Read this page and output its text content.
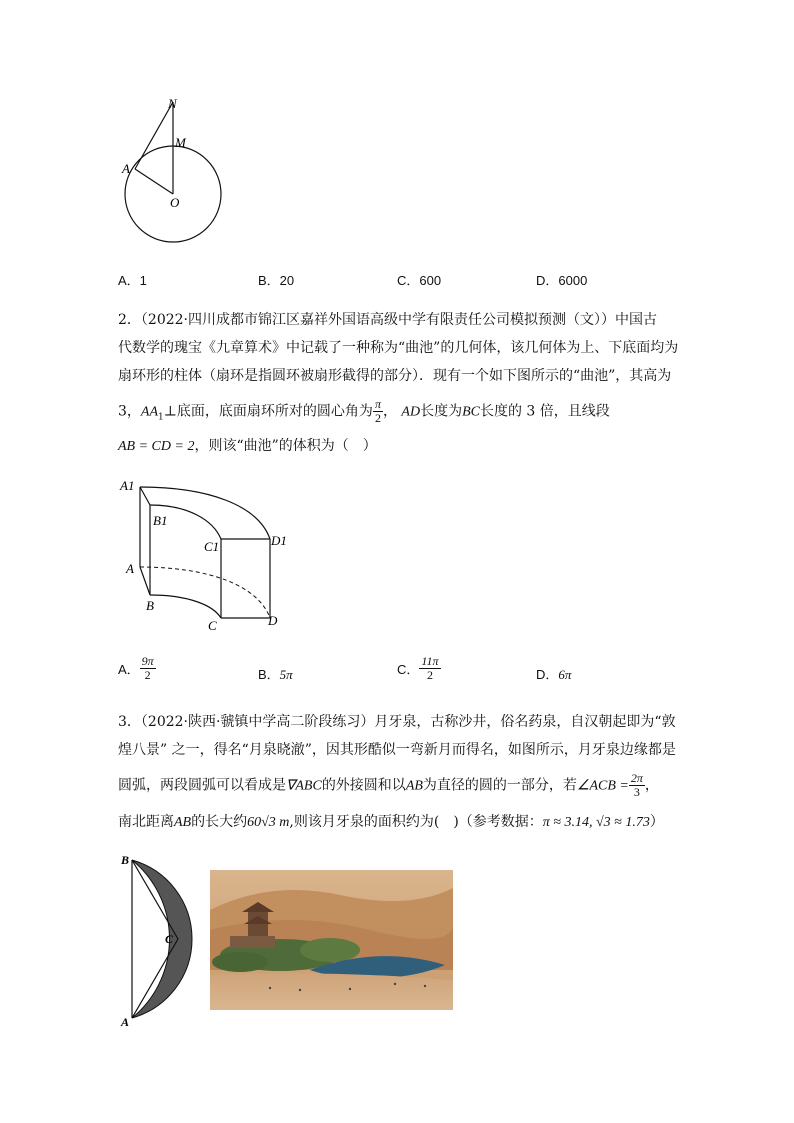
N
M
A
O
A．1	B．20	C．600	D．6000
2．（2022·四川成都市锦江区嘉祥外国语高级中学有限责任公司模拟预测（文））中国古
代数学的瑰宝《九章算术》中记载了一种称为“曲池”的几何体，该几何体为上、下底面均为
扇环形的柱体（扇环是指圆环被扇形截得的部分）．现有一个如下图所示的“曲池”，其高为
3，$AA_1\perp$底面，底面扇环所对的圆心角为 $\frac{\pi}{2}$ ， AD长度为BC长度的 3 倍，且线段
AB = CD = 2，则该“曲池”的体积为（　）
A1
B1
C1	D1
A
B
C	D
A． $\frac{9\pi}{2}$	B．5π	C． $\frac{11\pi}{2}$	D．6π
3．（2022·陕西·虢镇中学高二阶段练习）月牙泉，古称沙井，俗名药泉，自汉朝起即为“敦
煌八景” 之一，得名“月泉晓澈”，因其形酷似一弯新月而得名，如图所示，月牙泉边缘都是
圆弧，两段圆弧可以看成是∇ABC的外接圆和以AB为直径的圆的一部分，若∠ACB = $\frac{2\pi}{3}$ ，
南北距离AB的长大约60√3 m,则该月牙泉的面积约为(　)（参考数据：π ≈ 3.14, √3 ≈ 1.73）
B
C
A
